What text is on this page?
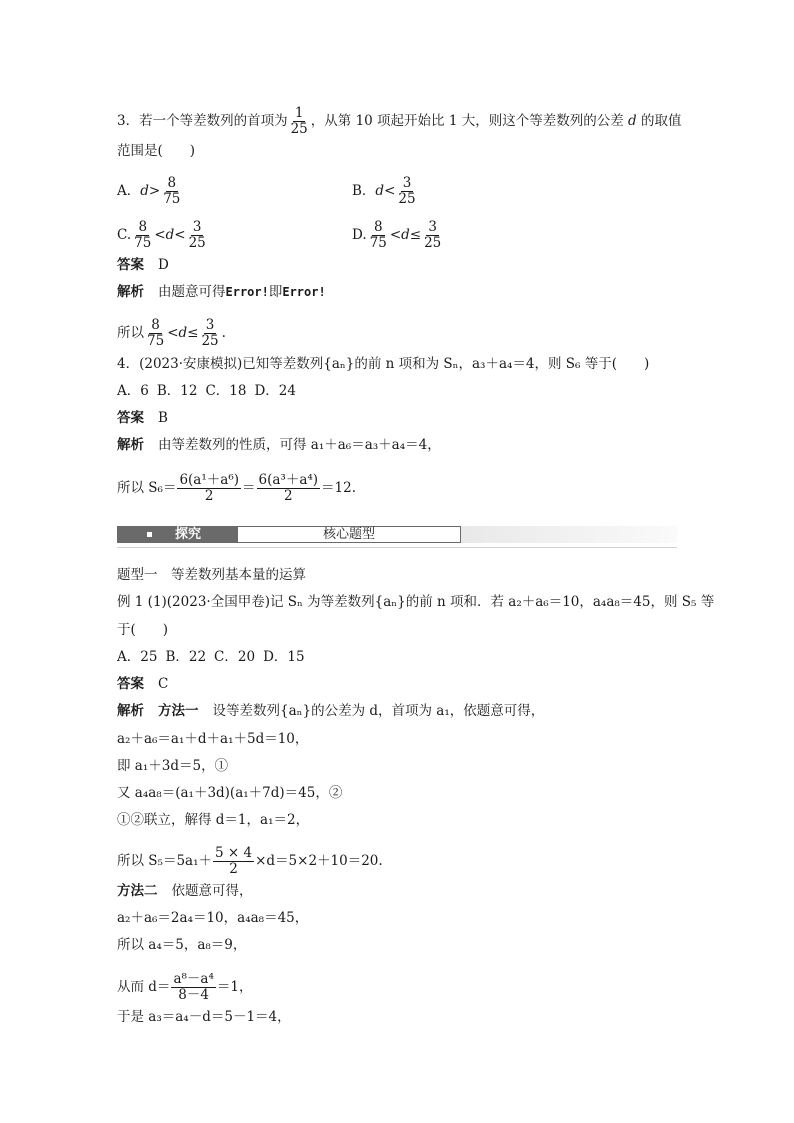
3．若一个等差数列的首项为 $\frac{1}{25}$ ，从第 10 项起开始比 1 大，则这个等差数列的公差 d 的取值
范围是(　　)
A．$d> \frac{8}{75}$	B．$d< \frac{3}{25}$
C. $\frac{8}{75} <d< \frac{3}{25}$	D. $\frac{8}{75} <d\le \frac{3}{25}$
答案 D
解析 由题意可得Error!即Error!
所以 $\frac{8}{75} <d\le \frac{3}{25}$ .
4．(2023·安康模拟)已知等差数列{aₙ}的前 n 项和为 Sₙ，a₃＋a₄＝4，则 S₆ 等于(　　)
A．6 B．12 C．18 D．24
答案 B
解析 由等差数列的性质，可得 a₁＋a₆＝a₃＋a₄＝4，
所以 $S_6= \frac{\text{6(a¹＋a⁶)}}{2} = \frac{\text{6(a³＋a⁴)}}{2} =12$.
探究	核心题型
题型一　等差数列基本量的运算
例 1 (1)(2023·全国甲卷)记 Sₙ 为等差数列{aₙ}的前 n 项和．若 a₂＋a₆＝10，a₄a₈＝45，则 S₅ 等
于(　　)
A．25 B．22 C．20 D．15
答案 C
解析 方法一 设等差数列{aₙ}的公差为 d，首项为 a₁，依题意可得，
a₂＋a₆＝a₁＋d＋a₁＋5d＝10，
即 a₁＋3d＝5，①
又 a₄a₈＝(a₁＋3d)(a₁＋7d)＝45，②
①②联立，解得 d＝1，a₁＝2，
所以 $S_5=5a_1+ \frac{5 \times 4}{2} \times d=5\times 2+10=20$.
方法二 依题意可得，
a₂＋a₆＝2a₄＝10，a₄a₈＝45，
所以 a₄＝5，a₈＝9，
从而 $d= \frac{\text{a⁸－a⁴}}{8-4} =1$，
于是 a₃＝a₄－d＝5－1＝4，
